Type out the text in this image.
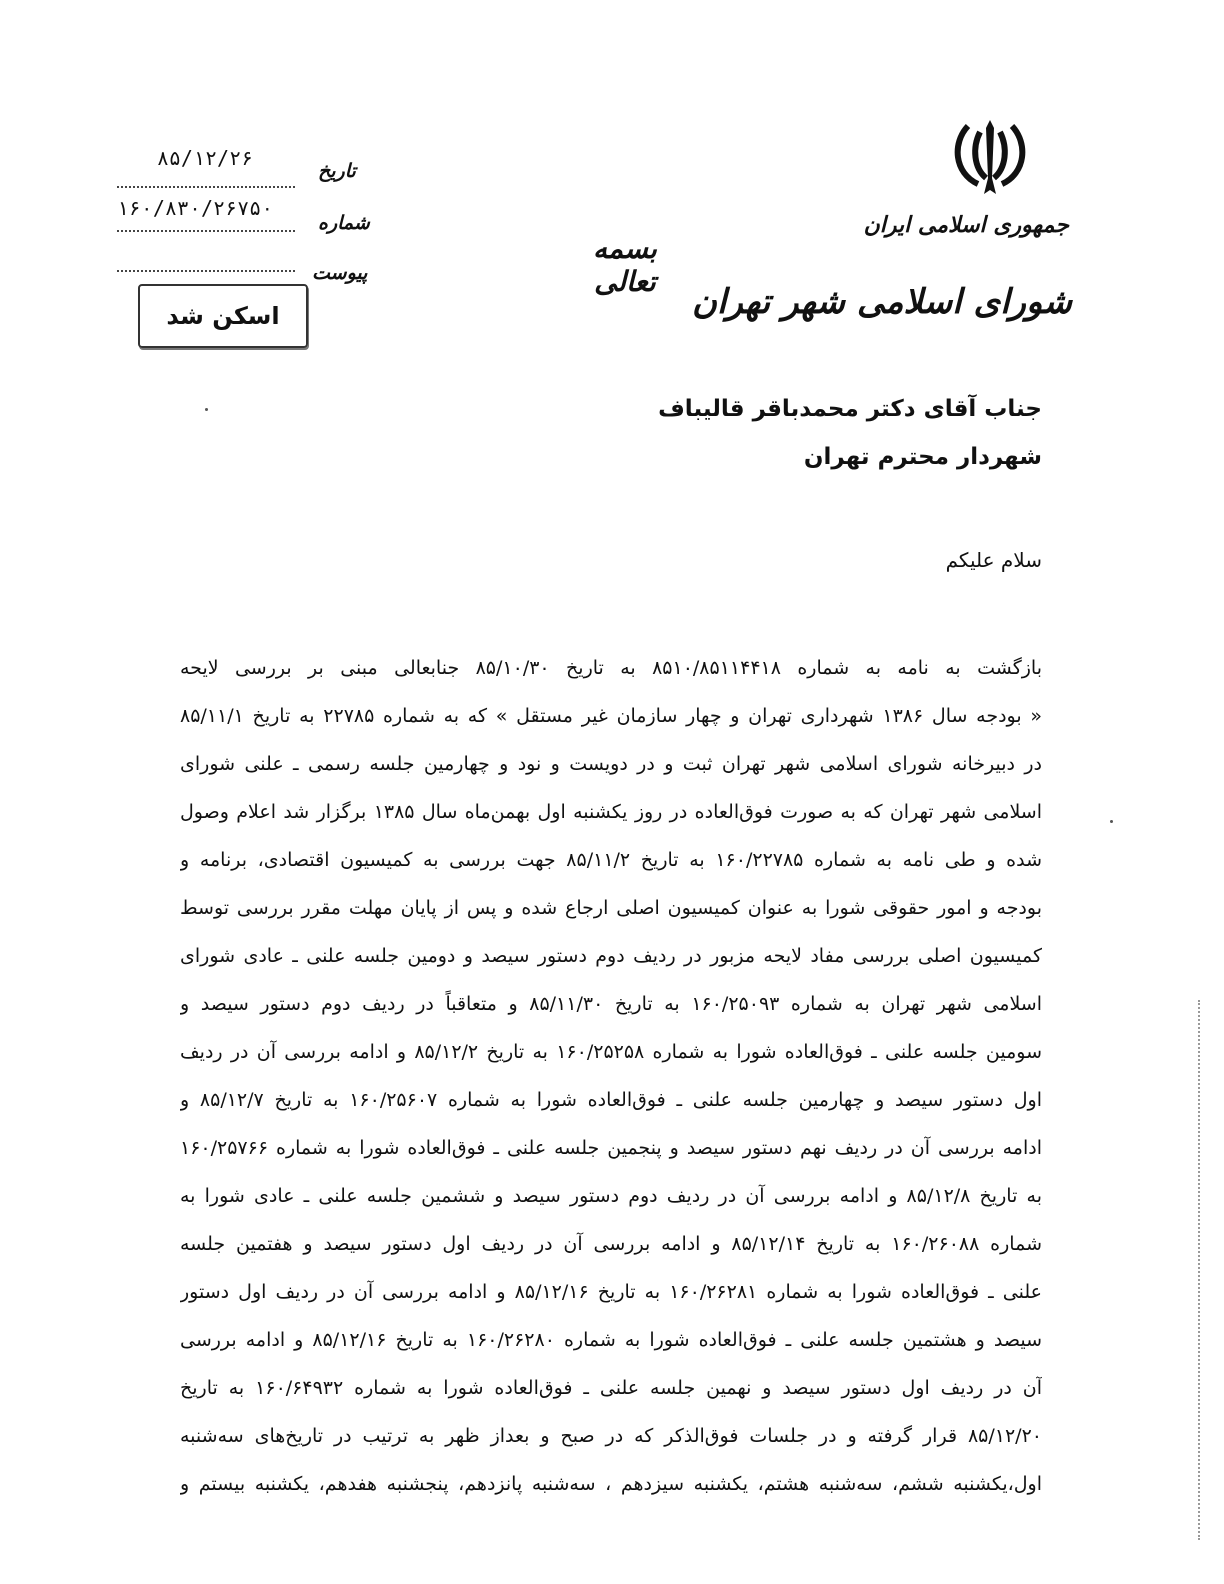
۸۵/۱۲/۲۶
۱۶۰/۸۳۰/۲۶۷۵۰
تاریخ
شماره
پیوست
اسکن شد
جمهوری اسلامی ایران
شورای اسلامی شهر تهران
بسمه تعالی
جناب آقای دکتر محمدباقر قالیباف
شهردار محترم تهران
سلام علیکم
بازگشت به نامه به شماره ۸۵۱۰/۸۵۱۱۴۴۱۸ به تاریخ ۸۵/۱۰/۳۰ جنابعالی مبنی بر بررسی لایحه
« بودجه سال ۱۳۸۶ شهرداری تهران و چهار سازمان غیر مستقل » که به شماره ۲۲۷۸۵ به تاریخ ۸۵/۱۱/۱
در دبیرخانه شورای اسلامی شهر تهران ثبت و در دویست و نود و چهارمین جلسه رسمی ـ علنی شورای
اسلامی شهر تهران که به صورت فوق‌العاده در روز یکشنبه اول بهمن‌ماه سال ۱۳۸۵ برگزار شد اعلام وصول
شده و طی نامه به شماره ۱۶۰/۲۲۷۸۵ به تاریخ ۸۵/۱۱/۲ جهت بررسی به کمیسیون اقتصادی، برنامه و
بودجه و امور حقوقی شورا به عنوان کمیسیون اصلی ارجاع شده و پس از پایان مهلت مقرر بررسی توسط
کمیسیون اصلی بررسی مفاد لایحه مزبور در ردیف دوم دستور سیصد و دومین جلسه علنی ـ عادی شورای
اسلامی شهر تهران به شماره ۱۶۰/۲۵۰۹۳ به تاریخ ۸۵/۱۱/۳۰ و متعاقباً در ردیف دوم دستور سیصد و
سومین جلسه علنی ـ فوق‌العاده شورا به شماره ۱۶۰/۲۵۲۵۸ به تاریخ ۸۵/۱۲/۲ و ادامه بررسی آن در ردیف
اول دستور سیصد و چهارمین جلسه علنی ـ فوق‌العاده شورا به شماره ۱۶۰/۲۵۶۰۷ به تاریخ ۸۵/۱۲/۷ و
ادامه بررسی آن در ردیف نهم دستور سیصد و پنجمین جلسه علنی ـ فوق‌العاده شورا به شماره ۱۶۰/۲۵۷۶۶
به تاریخ ۸۵/۱۲/۸ و ادامه بررسی آن در ردیف دوم دستور سیصد و ششمین جلسه علنی ـ عادی شورا به
شماره ۱۶۰/۲۶۰۸۸ به تاریخ ۸۵/۱۲/۱۴ و ادامه بررسی آن در ردیف اول دستور سیصد و هفتمین جلسه
علنی ـ فوق‌العاده شورا به شماره ۱۶۰/۲۶۲۸۱ به تاریخ ۸۵/۱۲/۱۶ و ادامه بررسی آن در ردیف اول دستور
سیصد و هشتمین جلسه علنی ـ فوق‌العاده شورا به شماره ۱۶۰/۲۶۲۸۰ به تاریخ ۸۵/۱۲/۱۶ و ادامه بررسی
آن در ردیف اول دستور سیصد و نهمین جلسه علنی ـ فوق‌العاده شورا به شماره ۱۶۰/۶۴۹۳۲ به تاریخ
۸۵/۱۲/۲۰ قرار گرفته و در جلسات فوق‌الذکر که در صبح و بعداز ظهر به ترتیب در تاریخ‌های سه‌شنبه
اول،یکشنبه ششم، سه‌شنبه هشتم، یکشنبه سیزدهم ، سه‌شنبه پانزدهم، پنجشنبه هفدهم، یکشنبه بیستم و
